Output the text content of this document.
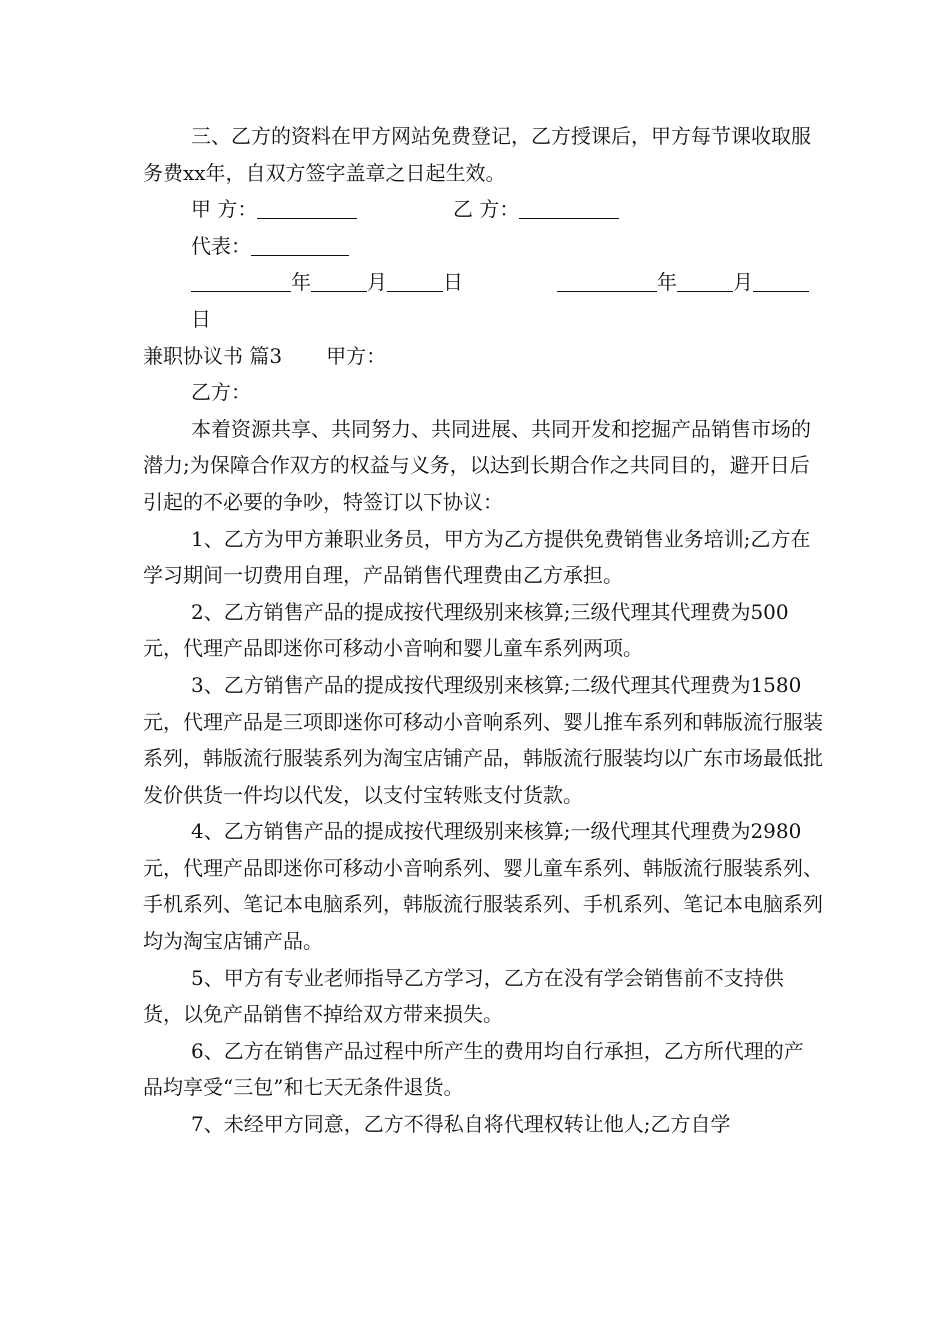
三、乙方的资料在甲方网站免费登记，乙方授课后，甲方每节课收取服务费xx年，自双方签字盖章之日起生效。

甲 方：	乙 方：

代表：

年	月	日	年	月
日

兼职协议书 篇3 甲方：

乙方：

本着资源共享、共同努力、共同进展、共同开发和挖掘产品销售市场的潜力;为保障合作双方的权益与义务，以达到长期合作之共同目的，避开日后引起的不必要的争吵，特签订以下协议：

1、乙方为甲方兼职业务员，甲方为乙方提供免费销售业务培训;乙方在学习期间一切费用自理，产品销售代理费由乙方承担。

2、乙方销售产品的提成按代理级别来核算;三级代理其代理费为500元，代理产品即迷你可移动小音响和婴儿童车系列两项。

3、乙方销售产品的提成按代理级别来核算;二级代理其代理费为1580元，代理产品是三项即迷你可移动小音响系列、婴儿推车系列和韩版流行服装系列，韩版流行服装系列为淘宝店铺产品，韩版流行服装均以广东市场最低批发价供货一件均以代发，以支付宝转账支付货款。

4、乙方销售产品的提成按代理级别来核算;一级代理其代理费为2980元，代理产品即迷你可移动小音响系列、婴儿童车系列、韩版流行服装系列、手机系列、笔记本电脑系列，韩版流行服装系列、手机系列、笔记本电脑系列均为淘宝店铺产品。

5、甲方有专业老师指导乙方学习，乙方在没有学会销售前不支持供货，以免产品销售不掉给双方带来损失。

6、乙方在销售产品过程中所产生的费用均自行承担，乙方所代理的产品均享受“三包”和七天无条件退货。

7、未经甲方同意，乙方不得私自将代理权转让他人;乙方自学
